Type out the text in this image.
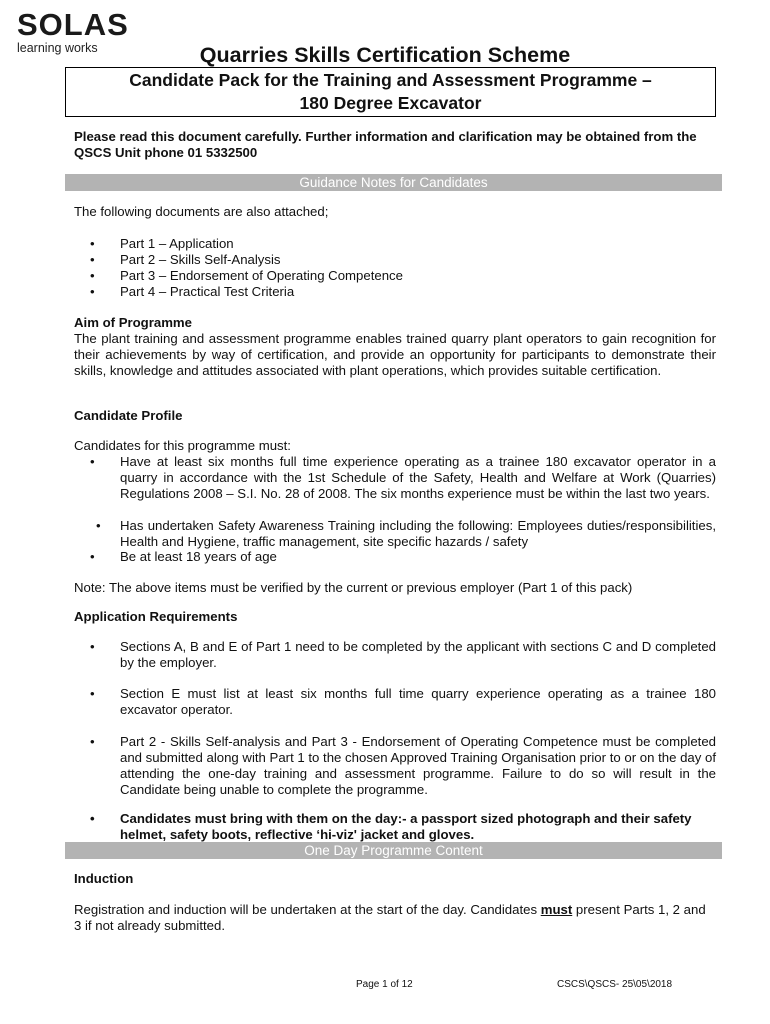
SOLAS
learning works	Quarries Skills Certification Scheme
Candidate Pack for the Training and Assessment Programme –
180 Degree Excavator
Please read this document carefully. Further information and clarification may be obtained from the QSCS Unit phone 01 5332500
Guidance Notes for Candidates
The following documents are also attached;
• Part 1 – Application
• Part 2 – Skills Self-Analysis
• Part 3 – Endorsement of Operating Competence
• Part 4 – Practical Test Criteria
Aim of Programme
The plant training and assessment programme enables trained quarry plant operators to gain recognition for their achievements by way of certification, and provide an opportunity for participants to demonstrate their skills, knowledge and attitudes associated with plant operations, which provides suitable certification.
Candidate Profile
Candidates for this programme must:
• Have at least six months full time experience operating as a trainee 180 excavator operator in a quarry in accordance with the 1st Schedule of the Safety, Health and Welfare at Work (Quarries) Regulations 2008 – S.I. No. 28 of 2008. The six months experience must be within the last two years.
• Has undertaken Safety Awareness Training including the following: Employees duties/responsibilities, Health and Hygiene, traffic management, site specific hazards / safety
• Be at least 18 years of age
Note: The above items must be verified by the current or previous employer (Part 1 of this pack)
Application Requirements
• Sections A, B and E of Part 1 need to be completed by the applicant with sections C and D completed by the employer.
• Section E must list at least six months full time quarry experience operating as a trainee 180 excavator operator.
• Part 2 - Skills Self-analysis and Part 3 - Endorsement of Operating Competence must be completed and submitted along with Part 1 to the chosen Approved Training Organisation prior to or on the day of attending the one-day training and assessment programme. Failure to do so will result in the Candidate being unable to complete the programme.
• Candidates must bring with them on the day:- a passport sized photograph and their safety helmet, safety boots, reflective ‘hi-viz' jacket and gloves.
One Day Programme Content
Induction
Registration and induction will be undertaken at the start of the day. Candidates must present Parts 1, 2 and 3 if not already submitted.
Page 1 of 12	CSCS\QSCS- 25\05\2018
